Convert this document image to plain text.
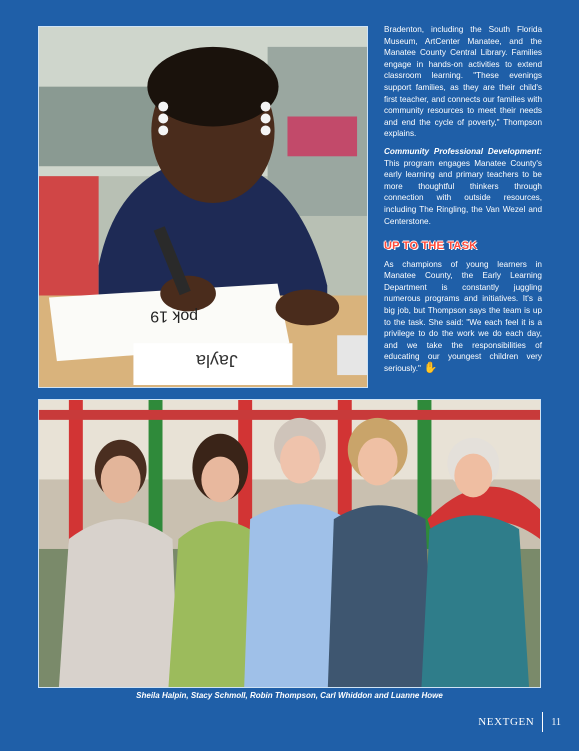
Jayla
pok 19

Bradenton, including the South Florida Museum, ArtCenter Manatee, and the Manatee County Central Library. Families engage in hands-on activities to extend classroom learning. "These evenings support families, as they are their child's first teacher, and connects our families with community resources to meet their needs and end the cycle of poverty," Thompson explains.

Community Professional Development: This program engages Manatee County's early learning and primary teachers to be more thoughtful thinkers through connection with outside resources, including The Ringling, the Van Wezel and Centerstone.

UP TO THE TASK

As champions of young learners in Manatee County, the Early Learning Department is constantly juggling numerous programs and initiatives. It's a big job, but Thompson says the team is up to the task. She said: "We each feel it is a privilege to do the work we do each day, and we take the responsibilities of educating our youngest children very seriously." ✋

Sheila Halpin, Stacy Schmoll, Robin Thompson, Carl Whiddon and Luanne Howe
NEXTGEN 11
